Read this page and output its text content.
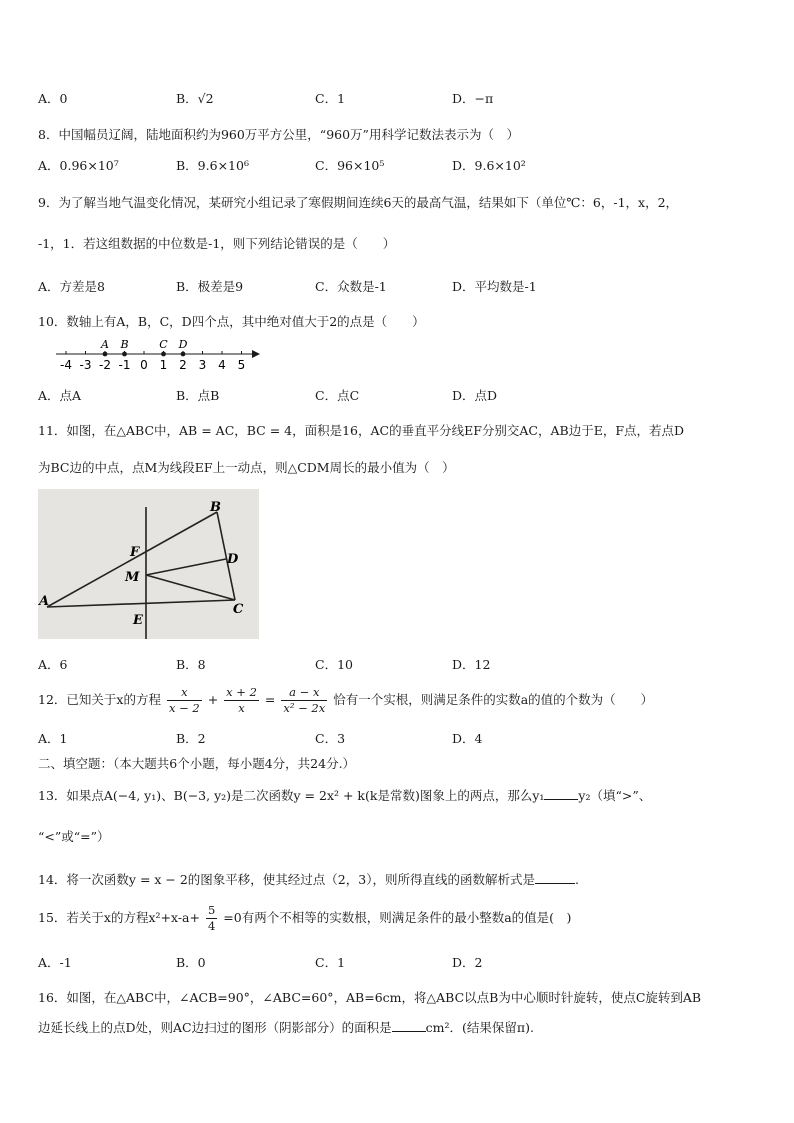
A．0	B．√2	C．1	D．−π
8．中国幅员辽阔，陆地面积约为960万平方公里，“960万”用科学记数法表示为（　）
A．0.96×10⁷	B．9.6×10⁶	C．96×10⁵	D．9.6×10²
9．为了解当地气温变化情况，某研究小组记录了寒假期间连续6天的最高气温，结果如下（单位℃：6，-1，x，2，
-1，1．若这组数据的中位数是-1，则下列结论错误的是（　　）
A．方差是8	B．极差是9	C．众数是-1	D．平均数是-1
10．数轴上有A，B，C，D四个点，其中绝对值大于2的点是（　　）
-4 -3 -2 -1 0 1 2 3 4 5
A B	C D
A．点A	B．点B	C．点C	D．点D
11．如图，在△ABC中，AB = AC，BC = 4，面积是16，AC的垂直平分线EF分别交AC，AB边于E，F点，若点D
为BC边的中点，点M为线段EF上一动点，则△CDM周长的最小值为（　）
B
F	D
M
A
E
C
A．6	B．8	C．10	D．12
12．已知关于x的方程 $\frac{x}{x - 2} + \frac{x + 2}{x} = \frac{a - x}{\text{x² − 2x}}$ 恰有一个实根，则满足条件的实数a的值的个数为（　　）
A．1	B．2	C．3	D．4
二、填空题：（本大题共6个小题，每小题4分，共24分.）
13．如果点A(−4, y₁)、B(−3, y₂)是二次函数y = 2x² + k(k是常数)图象上的两点，那么y₁	y₂（填“>”、
“<”或“=”）
14．将一次函数y = x − 2的图象平移，使其经过点（2，3），则所得直线的函数解析式是	.
15．若关于x的方程$x^2+x-a+ \frac{5}{4} =0$有两个不相等的实数根，则满足条件的最小整数a的值是(　)
A．-1	B．0	C．1	D．2
16．如图，在△ABC中，∠ACB=90°，∠ABC=60°，AB=6cm，将△ABC以点B为中心顺时针旋转，使点C旋转到AB
边延长线上的点D处，则AC边扫过的图形（阴影部分）的面积是	cm²．(结果保留π).
